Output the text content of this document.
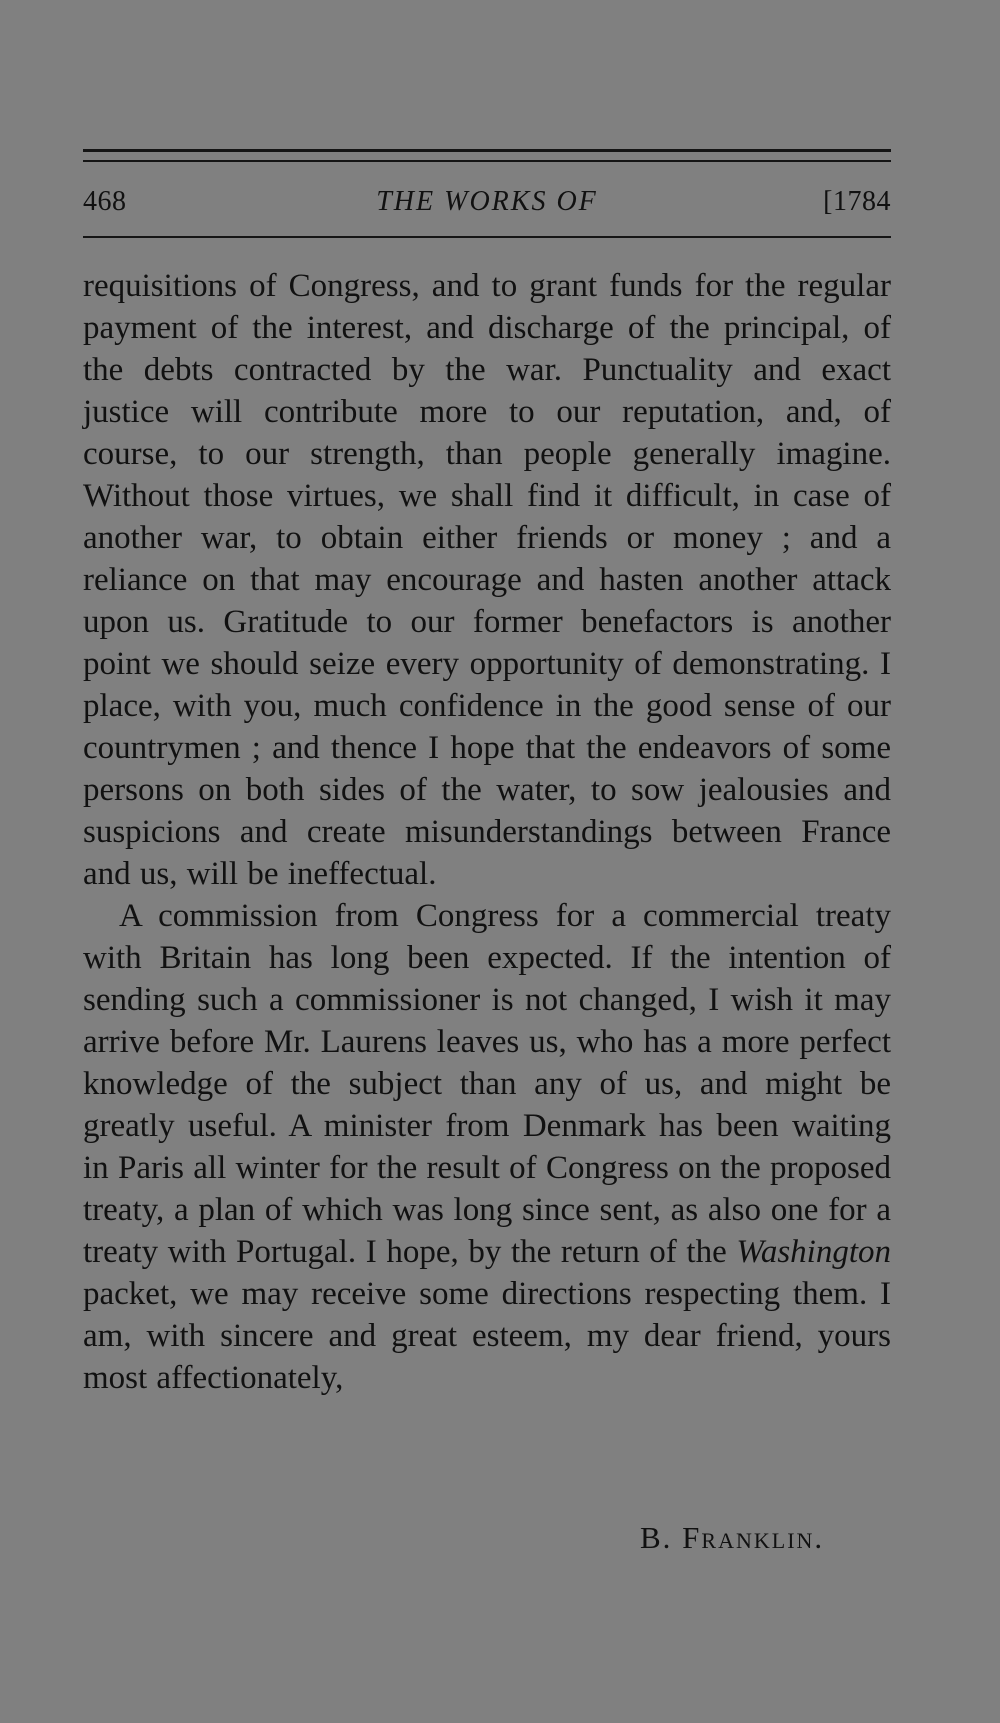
468	THE WORKS OF	[1784

requisitions of Congress, and to grant funds for the regular payment of the interest, and discharge of the principal, of the debts contracted by the war. Punctuality and exact justice will contribute more to our reputation, and, of course, to our strength, than people generally imagine. Without those virtues, we shall find it difficult, in case of another war, to obtain either friends or money ; and a reliance on that may encourage and hasten another attack upon us. Gratitude to our former benefactors is another point we should seize every opportunity of demonstrating. I place, with you, much confidence in the good sense of our countrymen ; and thence I hope that the endeavors of some persons on both sides of the water, to sow jealousies and suspicions and create misunderstandings between France and us, will be ineffectual.

A commission from Congress for a commercial treaty with Britain has long been expected. If the intention of sending such a commissioner is not changed, I wish it may arrive before Mr. Laurens leaves us, who has a more perfect knowledge of the subject than any of us, and might be greatly useful. A minister from Denmark has been waiting in Paris all winter for the result of Congress on the proposed treaty, a plan of which was long since sent, as also one for a treaty with Portugal. I hope, by the return of the Washington packet, we may receive some directions respecting them. I am, with sincere and great esteem, my dear friend, yours most affectionately,

B. Franklin.
